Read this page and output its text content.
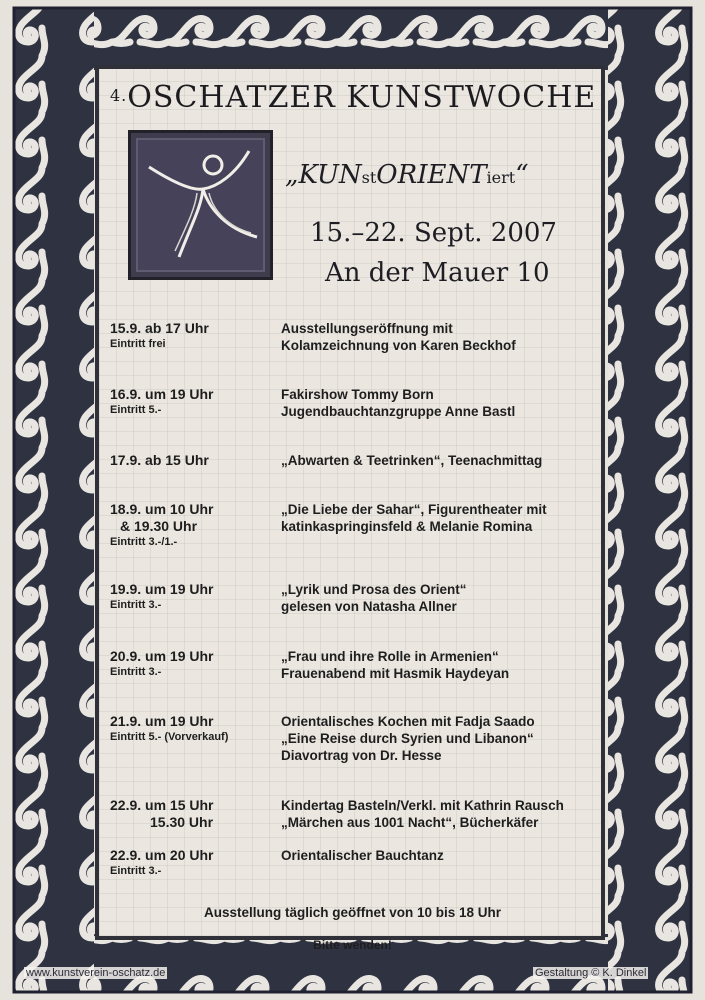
$^{4.}$OSCHATZER KUNSTWOCHE
„KUNstORIENTiert“
15.–22. Sept. 2007
An der Mauer 10
15.9. ab 17 Uhr
Eintritt frei
Ausstellungseröffnung mit
Kolamzeichnung von Karen Beckhof
16.9. um 19 Uhr
Eintritt 5.-
Fakirshow Tommy Born
Jugendbauchtanzgruppe Anne Bastl
17.9. ab 15 Uhr	„Abwarten & Teetrinken“, Teenachmittag
18.9. um 10 Uhr
& 19.30 Uhr
Eintritt 3.-/1.-
„Die Liebe der Sahar“, Figurentheater mit
katinkaspringinsfeld & Melanie Romina
19.9. um 19 Uhr
Eintritt 3.-
„Lyrik und Prosa des Orient“
gelesen von Natasha Allner
20.9. um 19 Uhr
Eintritt 3.-
„Frau und ihre Rolle in Armenien“
Frauenabend mit Hasmik Haydeyan
21.9. um 19 Uhr
Eintritt 5.- (Vorverkauf)
Orientalisches Kochen mit Fadja Saado
„Eine Reise durch Syrien und Libanon“
Diavortrag von Dr. Hesse
22.9. um 15 Uhr
15.30 Uhr
Kindertag Basteln/Verkl. mit Kathrin Rausch
„Märchen aus 1001 Nacht“, Bücherkäfer
22.9. um 20 Uhr
Eintritt 3.-
Orientalischer Bauchtanz
Ausstellung täglich geöffnet von 10 bis 18 Uhr
Bitte wenden!
www.kunstverein-oschatz.de	Gestaltung © K. Dinkel
